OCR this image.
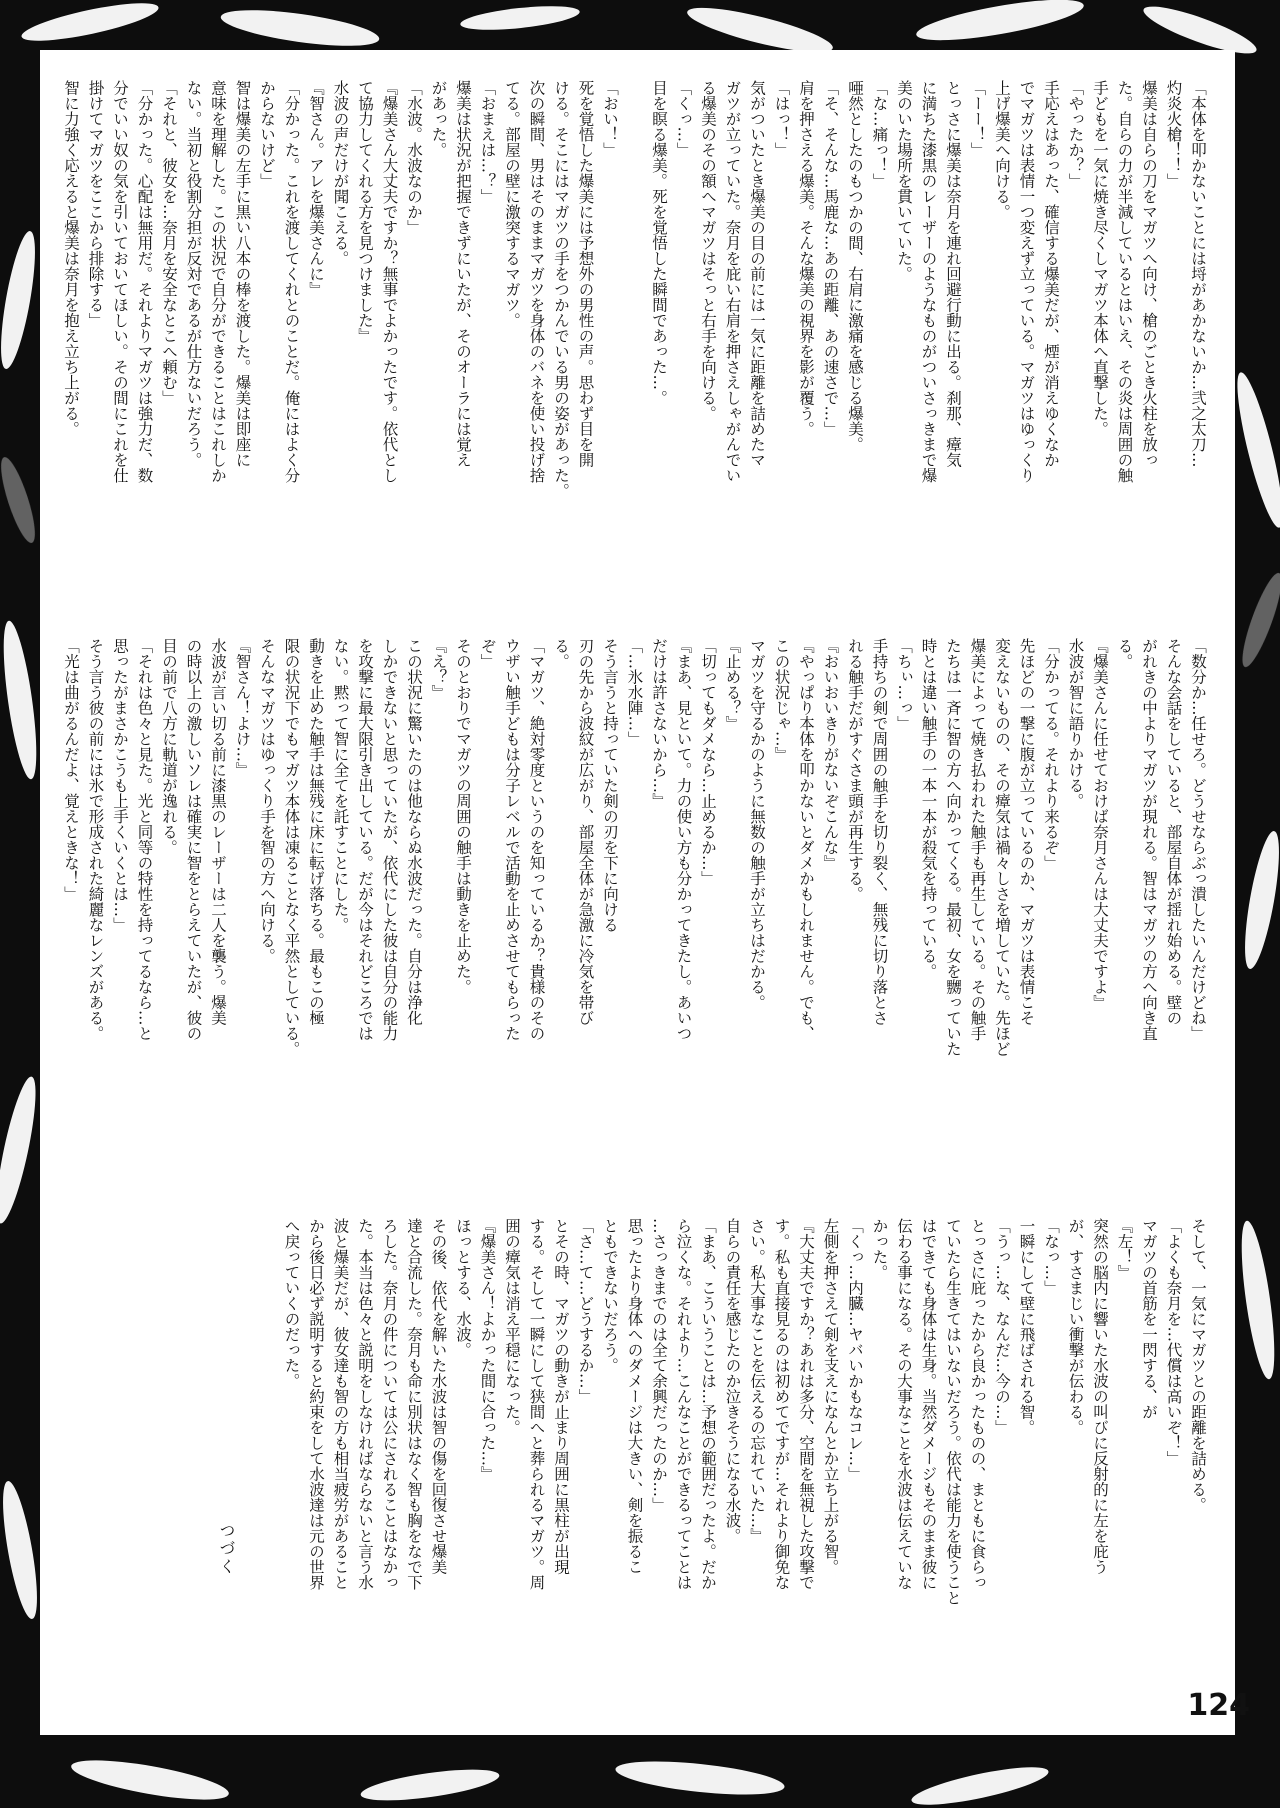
「本体を叩かないことには埒があかないか…弐之太刀…
灼炎火槍！！」
爆美は自らの刀をマガツへ向け、槍のごとき火柱を放っ
た。自らの力が半減しているとはいえ、その炎は周囲の触
手どもを一気に焼き尽くしマガツ本体へ直撃した。
「やったか？」
手応えはあった、確信する爆美だが、煙が消えゆくなか
でマガツは表情一つ変えず立っている。マガツはゆっくり
上げ爆美へ向ける。
「ーー！」
とっさに爆美は奈月を連れ回避行動に出る。刹那、瘴気
に満ちた漆黒のレーザーのようなものがついさっきまで爆
美のいた場所を貫いていた。
「な…痛っ！」
唖然としたのもつかの間、右肩に激痛を感じる爆美。
「そ、そんな…馬鹿な…あの距離、あの速さで…」
肩を押さえる爆美。そんな爆美の視界を影が覆う。
「はっ！」
気がついたとき爆美の目の前には一気に距離を詰めたマ
ガツが立っていた。奈月を庇い右肩を押さえしゃがんでい
る爆美のその額へマガツはそっと右手を向ける。
「くっ…」
目を瞑る爆美。死を覚悟した瞬間であった…。

「おい！」
死を覚悟した爆美には予想外の男性の声。思わず目を開
ける。そこにはマガツの手をつかんでいる男の姿があった。
次の瞬間、男はそのままマガツを身体のバネを使い投げ捨
てる。部屋の壁に激突するマガツ。
「おまえは…？」
爆美は状況が把握できずにいたが、そのオーラには覚え
があった。
「水波。水波なのか」
『爆美さん大丈夫ですか？無事でよかったです。依代とし
て協力してくれる方を見つけました』
水波の声だけが聞こえる。
『智さん。アレを爆美さんに』
「分かった。これを渡してくれとのことだ。俺にはよく分
からないけど」
智は爆美の左手に黒い八本の棒を渡した。爆美は即座に
意味を理解した。この状況で自分ができることはこれしか
ない。当初と役割分担が反対であるが仕方ないだろう。
「それと、彼女を…奈月を安全なとこへ頼む」
「分かった。心配は無用だ。それよりマガツは強力だ、数
分でいい奴の気を引いておいてほしい。その間にこれを仕
掛けてマガツをここから排除する」
智に力強く応えると爆美は奈月を抱え立ち上がる。
「数分か…任せろ。どうせならぶっ潰したいんだけどね」
そんな会話をしていると、部屋自体が揺れ始める。壁の
がれきの中よりマガツが現れる。智はマガツの方へ向き直
る。
『爆美さんに任せておけば奈月さんは大丈夫ですよ』
水波が智に語りかける。
「分かってる。それより来るぞ」
先ほどの一撃に腹が立っているのか、マガツは表情こそ
変えないものの、その瘴気は禍々しさを増していた。先ほど
爆美によって焼き払われた触手も再生している。その触手
たちは一斉に智の方へ向かってくる。最初、女を嬲っていた
時とは違い触手の一本一本が殺気を持っている。
「ちぃ…っ」
手持ちの剣で周囲の触手を切り裂く、無残に切り落とさ
れる触手だがすぐさま頭が再生する。
『おいおいきりがないぞこんな』
『やっぱり本体を叩かないとダメかもしれません。でも、
この状況じゃ…』
マガツを守るかのように無数の触手が立ちはだかる。
『止める？』
「切ってもダメなら…止めるか…」
『まあ、見といて。力の使い方も分かってきたし。あいつ
だけは許さないから…』
「…氷水陣…」
そう言うと持っていた剣の刃を下に向ける
刃の先から波紋が広がり、部屋全体が急激に冷気を帯び
る。
「マガツ、絶対零度というのを知っているか？貴様のその
ウザい触手どもは分子レベルで活動を止めさせてもらった
ぞ」
そのとおりでマガツの周囲の触手は動きを止めた。
『え？』
この状況に驚いたのは他ならぬ水波だった。自分は浄化
しかできないと思っていたが、依代にした彼は自分の能力
を攻撃に最大限引き出している。だが今はそれどころでは
ない。黙って智に全てを託すことにした。
動きを止めた触手は無残に床に転げ落ちる。最もこの極
限の状況下でもマガツ本体は凍ることなく平然としている。
そんなマガツはゆっくり手を智の方へ向ける。
『智さん！よけ…』
水波が言い切る前に漆黒のレーザーは二人を襲う。爆美
の時以上の激しいソレは確実に智をとらえていたが、彼の
目の前で八方に軌道が逸れる。
「それは色々と見た。光と同等の特性を持ってるなら…と
思ったがまさかこうも上手くいくとは…」
そう言う彼の前には氷で形成された綺麗なレンズがある。
「光は曲がるんだよ、覚えときな！」
そして、一気にマガツとの距離を詰める。
「よくも奈月を…代償は高いぞ！」
マガツの首筋を一閃する、が
『左！』
突然の脳内に響いた水波の叫びに反射的に左を庇う
が、すさまじい衝撃が伝わる。
「なっ…」
一瞬にして壁に飛ばされる智。
「うっ…な、なんだ…今の…」
とっさに庇ったから良かったものの、まともに食らっ
ていたら生きてはいないだろう。依代は能力を使うこと
はできても身体は生身。当然ダメージもそのまま彼に
伝わる事になる。その大事なことを水波は伝えていな
かった。
「くっ…内臓…ヤバいかもなコレ…」
左側を押さえて剣を支えになんとか立ち上がる智。
『大丈夫ですか？あれは多分、空間を無視した攻撃で
す。私も直接見るのは初めてですが…それより御免な
さい。私大事なことを伝えるの忘れていた…』
自らの責任を感じたのか泣きそうになる水波。
「まあ、こういうことは…予想の範囲だったよ。だか
ら泣くな。それより…こんなことができるってことは
…さっきまでのは全て余興だったのか…」
思ったより身体へのダメージは大きい、剣を振るこ
ともできないだろう。
「さ…て…どうするか…」
とその時、マガツの動きが止まり周囲に黒柱が出現
する。そして一瞬にして狭間へと葬られるマガツ。周
囲の瘴気は消え平穏になった。
『爆美さん！よかった間に合った…』
ほっとする、水波。
その後、依代を解いた水波は智の傷を回復させ爆美
達と合流した。奈月も命に別状はなく智も胸をなで下
ろした。奈月の件については公にされることはなかっ
た。本当は色々と説明をしなければならないと言う水
波と爆美だが、彼女達も智の方も相当疲労があること
から後日必ず説明すると約束をして水波達は元の世界
へ戻っていくのだった。
つづく
124
